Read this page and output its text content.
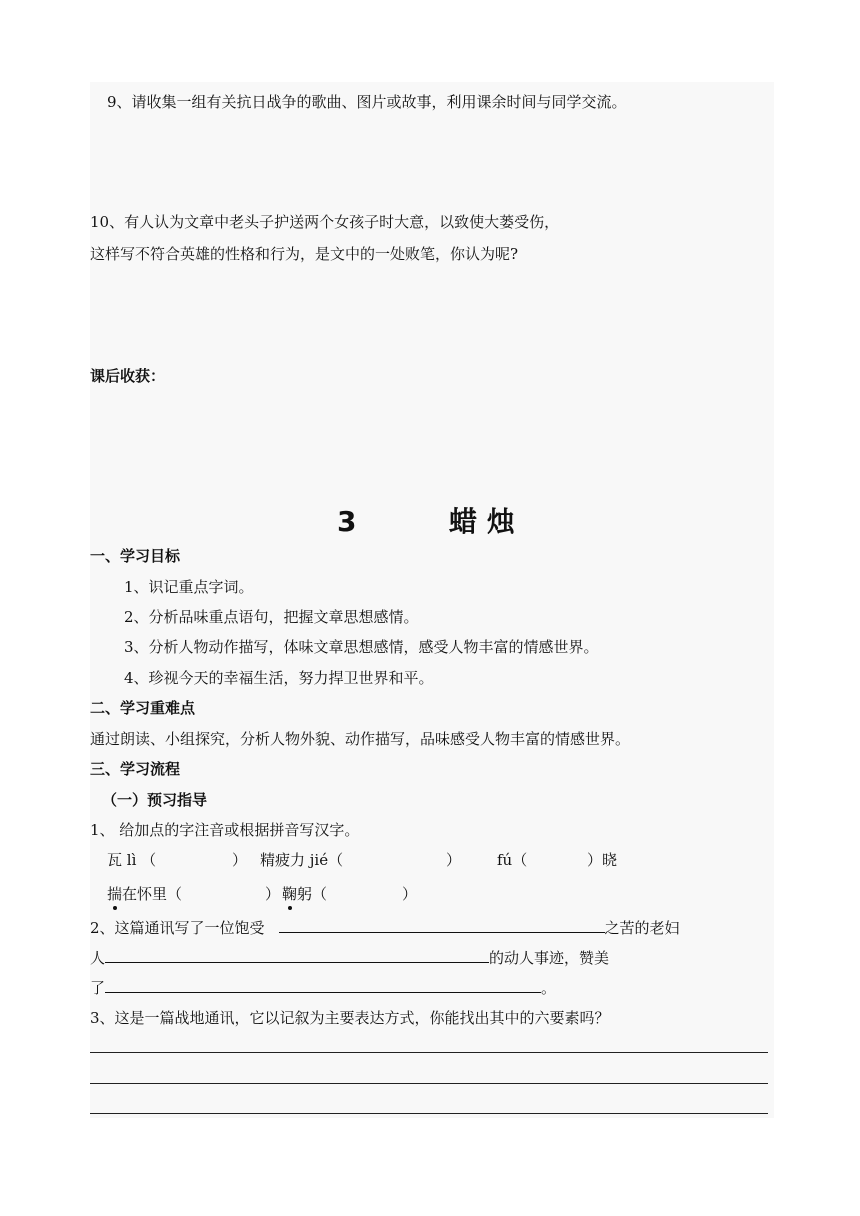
9、请收集一组有关抗日战争的歌曲、图片或故事，利用课余时间与同学交流。
10、有人认为文章中老头子护送两个女孩子时大意，以致使大蒌受伤，
这样写不符合英雄的性格和行为，是文中的一处败笔，你认为呢?
课后收获：
3	蜡 烛
一、学习目标
1、识记重点字词。
2、分析品味重点语句，把握文章思想感情。
3、分析人物动作描写，体味文章思想感情，感受人物丰富的情感世界。
4、珍视今天的幸福生活，努力捍卫世界和平。
二、学习重难点
通过朗读、小组探究，分析人物外貌、动作描写，品味感受人物丰富的情感世界。
三、学习流程
（一）预习指导
1、 给加点的字注音或根据拼音写汉字。
瓦 lì （	） 精疲力 jié（	） fú（	）晓
揣在怀里（	） 鞠躬（	）
2、这篇通讯写了一位饱受	之苦的老妇
人	的动人事迹，赞美
了	。
3、这是一篇战地通讯，它以记叙为主要表达方式，你能找出其中的六要素吗？
